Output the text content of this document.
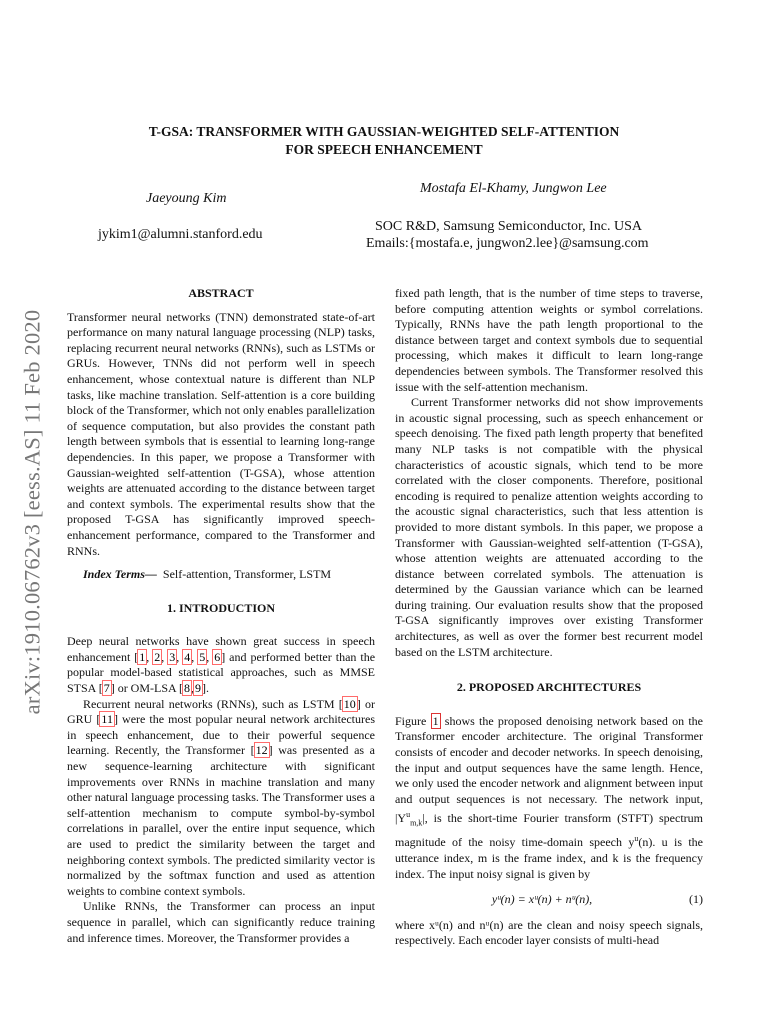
arXiv:1910.06762v3 [eess.AS] 11 Feb 2020
T-GSA: TRANSFORMER WITH GAUSSIAN-WEIGHTED SELF-ATTENTION
FOR SPEECH ENHANCEMENT
Jaeyoung Kim
jykim1@alumni.stanford.edu
Mostafa El-Khamy, Jungwon Lee
SOC R&D, Samsung Semiconductor, Inc. USA
Emails:{mostafa.e, jungwon2.lee}@samsung.com
ABSTRACT

Transformer neural networks (TNN) demonstrated state-of-art performance on many natural language processing (NLP) tasks, replacing recurrent neural networks (RNNs), such as LSTMs or GRUs. However, TNNs did not perform well in speech enhancement, whose contextual nature is different than NLP tasks, like machine translation. Self-attention is a core building block of the Transformer, which not only enables parallelization of sequence computation, but also provides the constant path length between symbols that is essential to learning long-range dependencies. In this paper, we propose a Transformer with Gaussian-weighted self-attention (T-GSA), whose attention weights are attenuated according to the distance between target and context symbols. The experimental results show that the proposed T-GSA has significantly improved speech-enhancement performance, compared to the Transformer and RNNs.

Index Terms— Self-attention, Transformer, LSTM

1. INTRODUCTION

Deep neural networks have shown great success in speech enhancement [1, 2, 3, 4, 5, 6] and performed better than the popular model-based statistical approaches, such as MMSE STSA [7] or OM-LSA [8,9].

Recurrent neural networks (RNNs), such as LSTM [10] or GRU [11] were the most popular neural network architectures in speech enhancement, due to their powerful sequence learning. Recently, the Transformer [12] was presented as a new sequence-learning architecture with significant improvements over RNNs in machine translation and many other natural language processing tasks. The Transformer uses a self-attention mechanism to compute symbol-by-symbol correlations in parallel, over the entire input sequence, which are used to predict the similarity between the target and neighboring context symbols. The predicted similarity vector is normalized by the softmax function and used as attention weights to combine context symbols.

Unlike RNNs, the Transformer can process an input sequence in parallel, which can significantly reduce training and inference times. Moreover, the Transformer provides a

fixed path length, that is the number of time steps to traverse, before computing attention weights or symbol correlations. Typically, RNNs have the path length proportional to the distance between target and context symbols due to sequential processing, which makes it difficult to learn long-range dependencies between symbols. The Transformer resolved this issue with the self-attention mechanism.

Current Transformer networks did not show improvements in acoustic signal processing, such as speech enhancement or speech denoising. The fixed path length property that benefited many NLP tasks is not compatible with the physical characteristics of acoustic signals, which tend to be more correlated with the closer components. Therefore, positional encoding is required to penalize attention weights according to the acoustic signal characteristics, such that less attention is provided to more distant symbols. In this paper, we propose a Transformer with Gaussian-weighted self-attention (T-GSA), whose attention weights are attenuated according to the distance between correlated symbols. The attenuation is determined by the Gaussian variance which can be learned during training. Our evaluation results show that the proposed T-GSA significantly improves over existing Transformer architectures, as well as over the former best recurrent model based on the LSTM architecture.

2. PROPOSED ARCHITECTURES

Figure 1 shows the proposed denoising network based on the Transformer encoder architecture. The original Transformer consists of encoder and decoder networks. In speech denoising, the input and output sequences have the same length. Hence, we only used the encoder network and alignment between input and output sequences is not necessary. The network input, $|Y^u_{m,k}|$, is the short-time Fourier transform (STFT) spectrum magnitude of the noisy time-domain speech $y^u(n)$. u is the utterance index, m is the frame index, and k is the frequency index. The input noisy signal is given by

yᵘ(n) = xᵘ(n) + nᵘ(n),	(1)

where xᵘ(n) and nᵘ(n) are the clean and noisy speech signals, respectively. Each encoder layer consists of multi-head
